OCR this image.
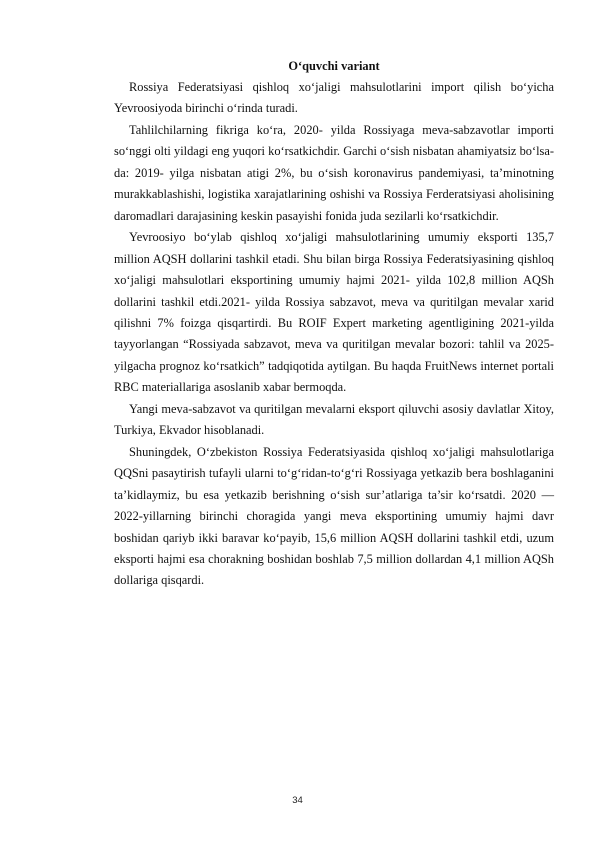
O‘quvchi variant

Rossiya Federatsiyasi qishloq xo‘jaligi mahsulotlarini import qilish bo‘yicha Yevroosiyoda birinchi o‘rinda turadi.

Tahlilchilarning fikriga ko‘ra, 2020- yilda Rossiyaga meva-sabzavotlar importi so‘nggi olti yildagi eng yuqori ko‘rsatkichdir. Garchi o‘sish nisbatan ahamiyatsiz bo‘lsa-da: 2019- yilga nisbatan atigi 2%, bu o‘sish koronavirus pandemiyasi, ta’minotning murakkablashishi, logistika xarajatlarining oshishi va Rossiya Ferderatsiyasi aholisining daromadlari darajasining keskin pasayishi fonida juda sezilarli ko‘rsatkichdir.

Yevroosiyo bo‘ylab qishloq xo‘jaligi mahsulotlarining umumiy eksporti 135,7 million AQSH dollarini tashkil etadi. Shu bilan birga Rossiya Federatsiyasining qishloq xo‘jaligi mahsulotlari eksportining umumiy hajmi 2021- yilda 102,8 million AQSh dollarini tashkil etdi.2021- yilda Rossiya sabzavot, meva va quritilgan mevalar xarid qilishni 7% foizga qisqartirdi. Bu ROIF Expert marketing agentligining 2021-yilda tayyorlangan “Rossiyada sabzavot, meva va quritilgan mevalar bozori: tahlil va 2025- yilgacha prognoz ko‘rsatkich” tadqiqotida aytilgan. Bu haqda FruitNews internet portali RBC materiallariga asoslanib xabar bermoqda.

Yangi meva-sabzavot va quritilgan mevalarni eksport qiluvchi asosiy davlatlar Xitoy, Turkiya, Ekvador hisoblanadi.

Shuningdek, O‘zbekiston Rossiya Federatsiyasida qishloq xo‘jaligi mahsulotlariga QQSni pasaytirish tufayli ularni to‘g‘ridan-to‘g‘ri Rossiyaga yetkazib bera boshlaganini ta’kidlaymiz, bu esa yetkazib berishning o‘sish sur’atlariga ta’sir ko‘rsatdi. 2020 — 2022-yillarning birinchi choragida yangi meva eksportining umumiy hajmi davr boshidan qariyb ikki baravar ko‘payib, 15,6 million AQSH dollarini tashkil etdi, uzum eksporti hajmi esa chorakning boshidan boshlab 7,5 million dollardan 4,1 million AQSh dollariga qisqardi.

34
